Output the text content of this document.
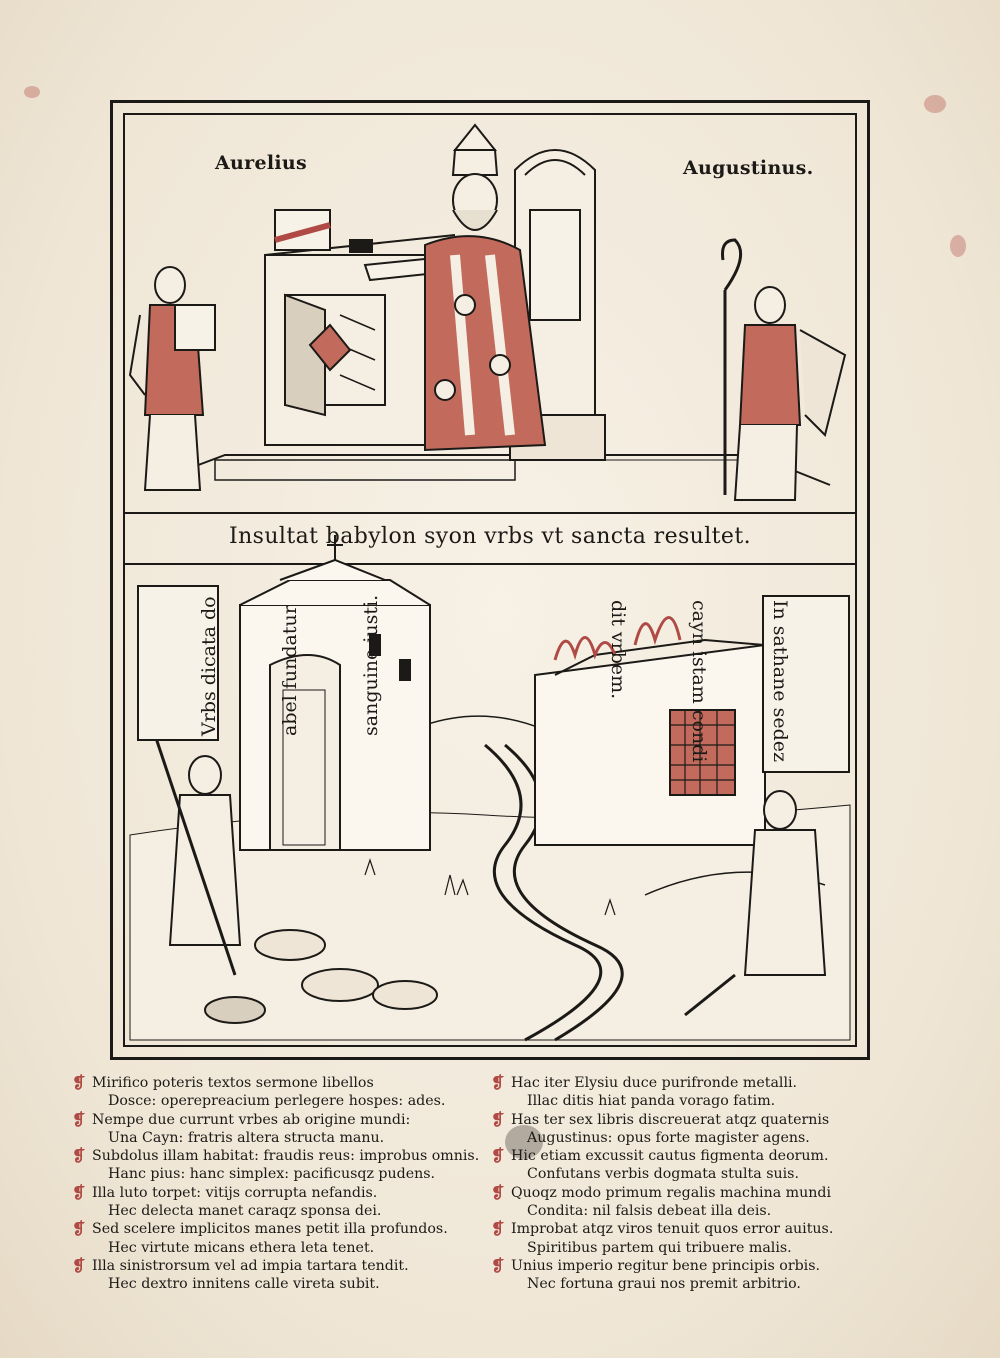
Vrbs dicata do

	abel fundatur

	sanguine iusti.

	In sathane sedez

cayn istam condi

dit vrbem.

Aurelius	Augustinus.
Insultat babylon syon vrbs vt sancta resultet.
❡ Mirifico poteris textos sermone libellos
Dosce: operepreacium perlegere hospes: ades.
❡ Nempe due currunt vrbes ab origine mundi:
Una Cayn: fratris altera structa manu.
❡ Subdolus illam habitat: fraudis reus: improbus omnis.
Hanc pius: hanc simplex: pacificusqz pudens.
❡ Illa luto torpet: vitijs corrupta nefandis.
Hec delecta manet caraqz sponsa dei.
❡ Sed scelere implicitos manes petit illa profundos.
Hec virtute micans ethera leta tenet.
❡ Illa sinistrorsum vel ad impia tartara tendit.
Hec dextro innitens calle vireta subit.
❡ Hac iter Elysiu duce purifronde metalli.
Illac ditis hiat panda vorago fatim.
❡ Has ter sex libris discreuerat atqz quaternis
Augustinus: opus forte magister agens.
❡ Hic etiam excussit cautus figmenta deorum.
Confutans verbis dogmata stulta suis.
❡ Quoqz modo primum regalis machina mundi
Condita: nil falsis debeat illa deis.
❡ Improbat atqz viros tenuit quos error auitus.
Spiritibus partem qui tribuere malis.
❡ Unius imperio regitur bene principis orbis.
Nec fortuna graui nos premit arbitrio.
